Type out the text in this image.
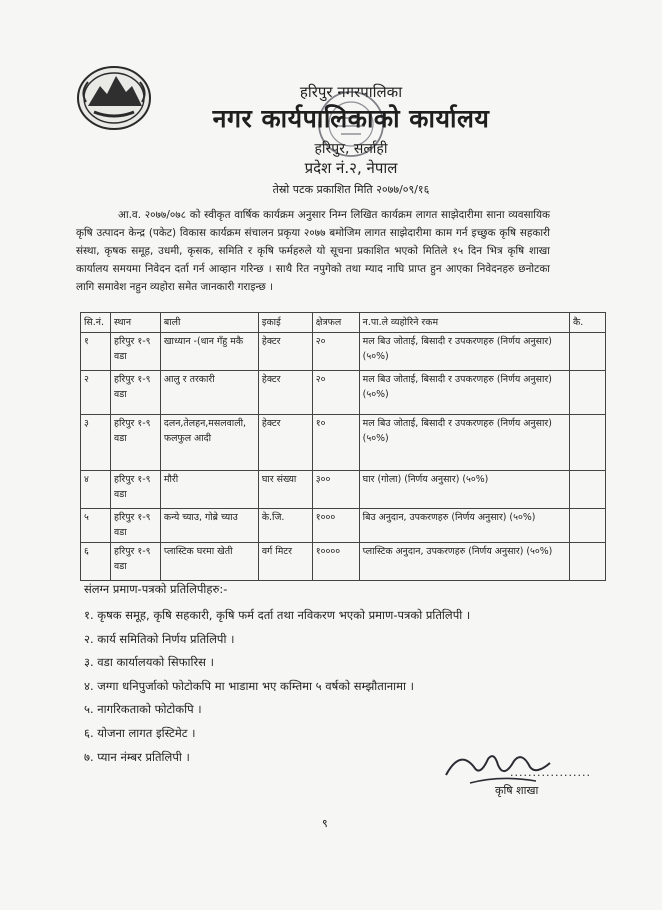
हरिपुर नगरपालिका
नगर कार्यपालिकाको कार्यालय
हरिपुर, सर्लाही
प्रदेश नं.२, नेपाल
तेस्रो पटक प्रकाशित मिति २०७७/०९/१६
आ.व. २०७७/०७८ को स्वीकृत वार्षिक कार्यक्रम अनुसार निम्न लिखित कार्यक्रम लागत साझेदारीमा साना व्यवसायिक कृषि उत्पादन केन्द्र (पकेट) विकास कार्यक्रम संचालन प्रकृया २०७७ बमोजिम लागत साझेदारीमा काम गर्न इच्छुक कृषि सहकारी संस्था, कृषक समूह, उधमी, कृसक, समिति र कृषि फर्महरुले यो सूचना प्रकाशित भएको मितिले १५ दिन भित्र कृषि शाखा कार्यालय समयमा निवेदन दर्ता गर्न आव्हान गरिन्छ । साथै रित नपुगेको तथा म्याद नाघि प्राप्त हुन आएका निवेदनहरु छनोटका लागि समावेश नहुन व्यहोरा समेत जानकारी गराइन्छ ।
सि.नं.	स्थान	बाली	इकाई	क्षेत्रफल	न.पा.ले व्यहोरिने रकम	कै.
१	हरिपुर १-९ वडा	खाध्यान -(धान गँहु मकै	हेक्टर	२०	मल बिउ जोताई, बिसादी र उपकरणहरु (निर्णय अनुसार) (५०%)	
२	हरिपुर १-९ वडा	आलु र तरकारी	हेक्टर	२०	मल बिउ जोताई, बिसादी र उपकरणहरु (निर्णय अनुसार) (५०%)	
३	हरिपुर १-९ वडा	दलन,तेलहन,मसलवाली, फलफुल आदी	हेक्टर	१०	मल बिउ जोताई, बिसादी र उपकरणहरु (निर्णय अनुसार) (५०%)	
४	हरिपुर १-९ वडा	मौरी	घार संख्या	३००	घार (गोला) (निर्णय अनुसार) (५०%)	
५	हरिपुर १-९ वडा	कन्ये च्याउ, गोब्रे च्याउ	के.जि.	१०००	बिउ अनुदान, उपकरणहरु (निर्णय अनुसार) (५०%)	
६	हरिपुर १-९ वडा	प्लास्टिक घरमा खेती	वर्ग मिटर	१००००	प्लास्टिक अनुदान, उपकरणहरु (निर्णय अनुसार) (५०%)	
संलग्न प्रमाण-पत्रको प्रतिलिपीहरु:-
१. कृषक समूह, कृषि सहकारी, कृषि फर्म दर्ता तथा नविकरण भएको प्रमाण-पत्रको प्रतिलिपी ।
२. कार्य समितिको निर्णय प्रतिलिपी ।
३. वडा कार्यालयको सिफारिस ।
४. जग्गा धनिपुर्जाको फोटोकपि मा भाडामा भए कम्तिमा ५ वर्षको सम्झौतानामा ।
५. नागरिकताको फोटोकपि ।
६. योजना लागत इस्टिमेट ।
७. प्यान नंम्बर प्रतिलिपी ।
..................
कृषि शाखा
९
